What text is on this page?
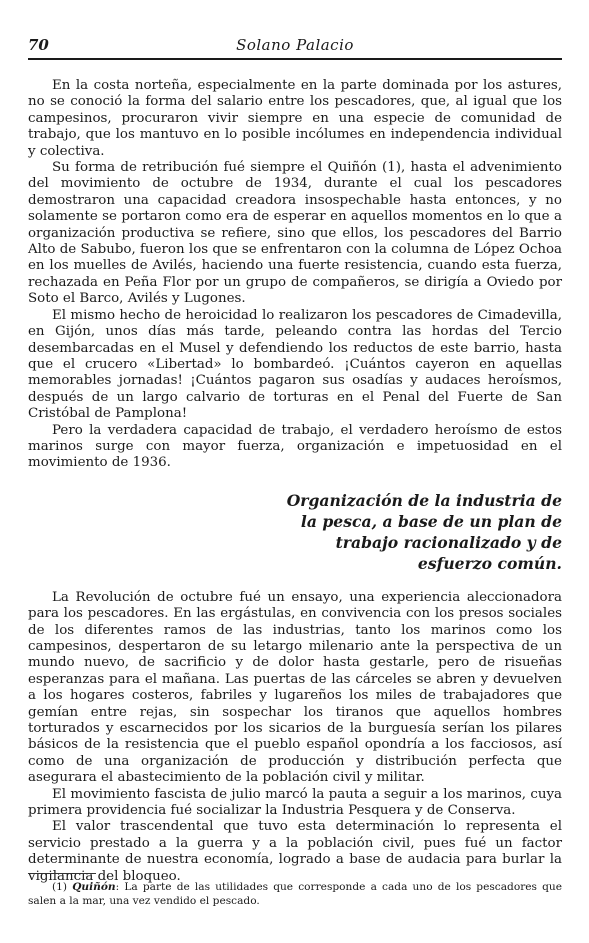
70	Solano Palacio

En la costa norteña, especialmente en la parte dominada por los astures, no se conoció la forma del salario entre los pescadores, que, al igual que los campesinos, procuraron vivir siempre en una especie de comunidad de trabajo, que los mantuvo en lo posible incólumes en independencia individual y colectiva.

Su forma de retribución fué siempre el Quiñón (1), hasta el advenimiento del movimiento de octubre de 1934, durante el cual los pescadores demostraron una capacidad creadora insospechable hasta entonces, y no solamente se portaron como era de esperar en aquellos momentos en lo que a organización productiva se refiere, sino que ellos, los pescadores del Barrio Alto de Sabubo, fueron los que se enfrentaron con la columna de López Ochoa en los muelles de Avilés, haciendo una fuerte resistencia, cuando esta fuerza, rechazada en Peña Flor por un grupo de compañeros, se dirigía a Oviedo por Soto el Barco, Avilés y Lugones.

El mismo hecho de heroicidad lo realizaron los pescadores de Cimadevilla, en Gijón, unos días más tarde, peleando contra las hordas del Tercio desembarcadas en el Musel y defendiendo los reductos de este barrio, hasta que el crucero «Libertad» lo bombardeó. ¡Cuántos cayeron en aquellas memorables jornadas! ¡Cuántos pagaron sus osadías y audaces heroísmos, después de un largo calvario de torturas en el Penal del Fuerte de San Cristóbal de Pamplona!

Pero la verdadera capacidad de trabajo, el verdadero heroísmo de estos marinos surge con mayor fuerza, organización e impetuosidad en el movimiento de 1936.

Organización de la industria de la pesca, a base de un plan de trabajo racionalizado y de esfuerzo común.

La Revolución de octubre fué un ensayo, una experiencia aleccionadora para los pescadores. En las ergástulas, en convivencia con los presos sociales de los diferentes ramos de las industrias, tanto los marinos como los campesinos, despertaron de su letargo milenario ante la perspectiva de un mundo nuevo, de sacrificio y de dolor hasta gestarle, pero de risueñas esperanzas para el mañana. Las puertas de las cárceles se abren y devuelven a los hogares costeros, fabriles y lugareños los miles de trabajadores que gemían entre rejas, sin sospechar los tiranos que aquellos hombres torturados y escarnecidos por los sicarios de la burguesía serían los pilares básicos de la resistencia que el pueblo español opondría a los facciosos, así como de una organización de producción y distribución perfecta que asegurara el abastecimiento de la población civil y militar.

El movimiento fascista de julio marcó la pauta a seguir a los marinos, cuya primera providencia fué socializar la Industria Pesquera y de Conserva.

El valor trascendental que tuvo esta determinación lo representa el servicio prestado a la guerra y a la población civil, pues fué un factor determinante de nuestra economía, logrado a base de audacia para burlar la vigilancia del bloqueo.

(1) Quiñón: La parte de las utilidades que corresponde a cada uno de los pescadores que salen a la mar, una vez vendido el pescado.
